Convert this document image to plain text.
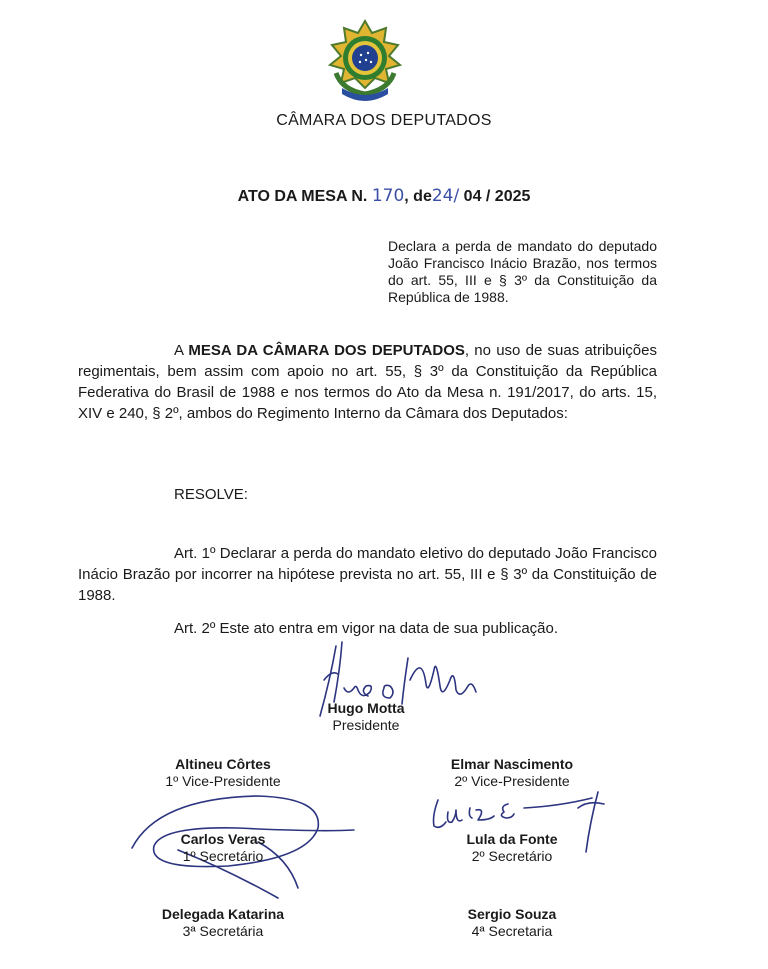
CÂMARA DOS DEPUTADOS
ATO DA MESA N. 170, de24/ 04 / 2025
Declara a perda de mandato do deputado João Francisco Inácio Brazão, nos termos do art. 55, III e § 3º da Constituição da República de 1988.
A MESA DA CÂMARA DOS DEPUTADOS, no uso de suas atribuições regimentais, bem assim com apoio no art. 55, § 3º da Constituição da República Federativa do Brasil de 1988 e nos termos do Ato da Mesa n. 191/2017, do arts. 15, XIV e 240, § 2º, ambos do Regimento Interno da Câmara dos Deputados:
RESOLVE:
Art. 1º Declarar a perda do mandato eletivo do deputado João Francisco Inácio Brazão por incorrer na hipótese prevista no art. 55, III e § 3º da Constituição de 1988.
Art. 2º Este ato entra em vigor na data de sua publicação.
Hugo Motta
Presidente
Altineu Côrtes
1º Vice-Presidente
Elmar Nascimento
2º Vice-Presidente
Carlos Veras
1º Secretário
Lula da Fonte
2º Secretário
Delegada Katarina
3ª Secretária
Sergio Souza
4ª Secretaria
